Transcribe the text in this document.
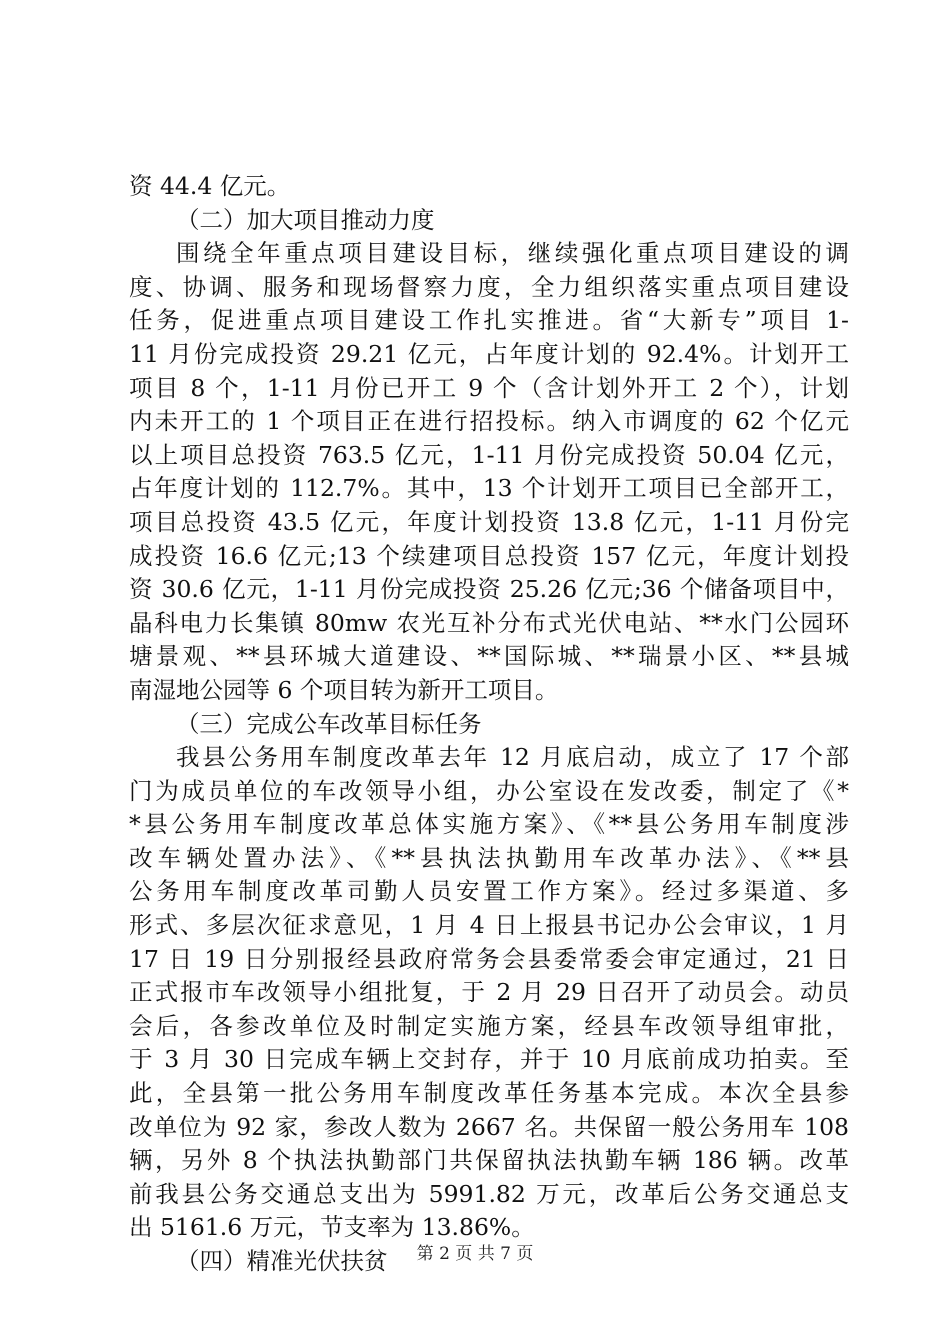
资 44.4 亿元。
（二）加大项目推动力度
围绕全年重点项目建设目标，继续强化重点项目建设的调
度、协调、服务和现场督察力度，全力组织落实重点项目建设
任务，促进重点项目建设工作扎实推进。省“大新专”项目 1-
11 月份完成投资 29.21 亿元，占年度计划的 92.4%。计划开工
项目 8 个，1-11 月份已开工 9 个（含计划外开工 2 个），计划
内未开工的 1 个项目正在进行招投标。纳入市调度的 62 个亿元
以上项目总投资 763.5 亿元，1-11 月份完成投资 50.04 亿元，
占年度计划的 112.7%。其中，13 个计划开工项目已全部开工，
项目总投资 43.5 亿元，年度计划投资 13.8 亿元，1-11 月份完
成投资 16.6 亿元;13 个续建项目总投资 157 亿元，年度计划投
资 30.6 亿元，1-11 月份完成投资 25.26 亿元;36 个储备项目中，
晶科电力长集镇 80mw 农光互补分布式光伏电站、**水门公园环
塘景观、**县环城大道建设、**国际城、**瑞景小区、**县城
南湿地公园等 6 个项目转为新开工项目。
（三）完成公车改革目标任务
我县公务用车制度改革去年 12 月底启动，成立了 17 个部
门为成员单位的车改领导小组，办公室设在发改委，制定了《*
*县公务用车制度改革总体实施方案》、《**县公务用车制度涉
改车辆处置办法》、《**县执法执勤用车改革办法》、《**县
公务用车制度改革司勤人员安置工作方案》。经过多渠道、多
形式、多层次征求意见，1 月 4 日上报县书记办公会审议，1 月
17 日 19 日分别报经县政府常务会县委常委会审定通过，21 日
正式报市车改领导小组批复，于 2 月 29 日召开了动员会。动员
会后，各参改单位及时制定实施方案，经县车改领导组审批，
于 3 月 30 日完成车辆上交封存，并于 10 月底前成功拍卖。至
此，全县第一批公务用车制度改革任务基本完成。本次全县参
改单位为 92 家，参改人数为 2667 名。共保留一般公务用车 108
辆，另外 8 个执法执勤部门共保留执法执勤车辆 186 辆。改革
前我县公务交通总支出为 5991.82 万元，改革后公务交通总支
出 5161.6 万元，节支率为 13.86%。
（四）精准光伏扶贫	第 2 页 共 7 页
